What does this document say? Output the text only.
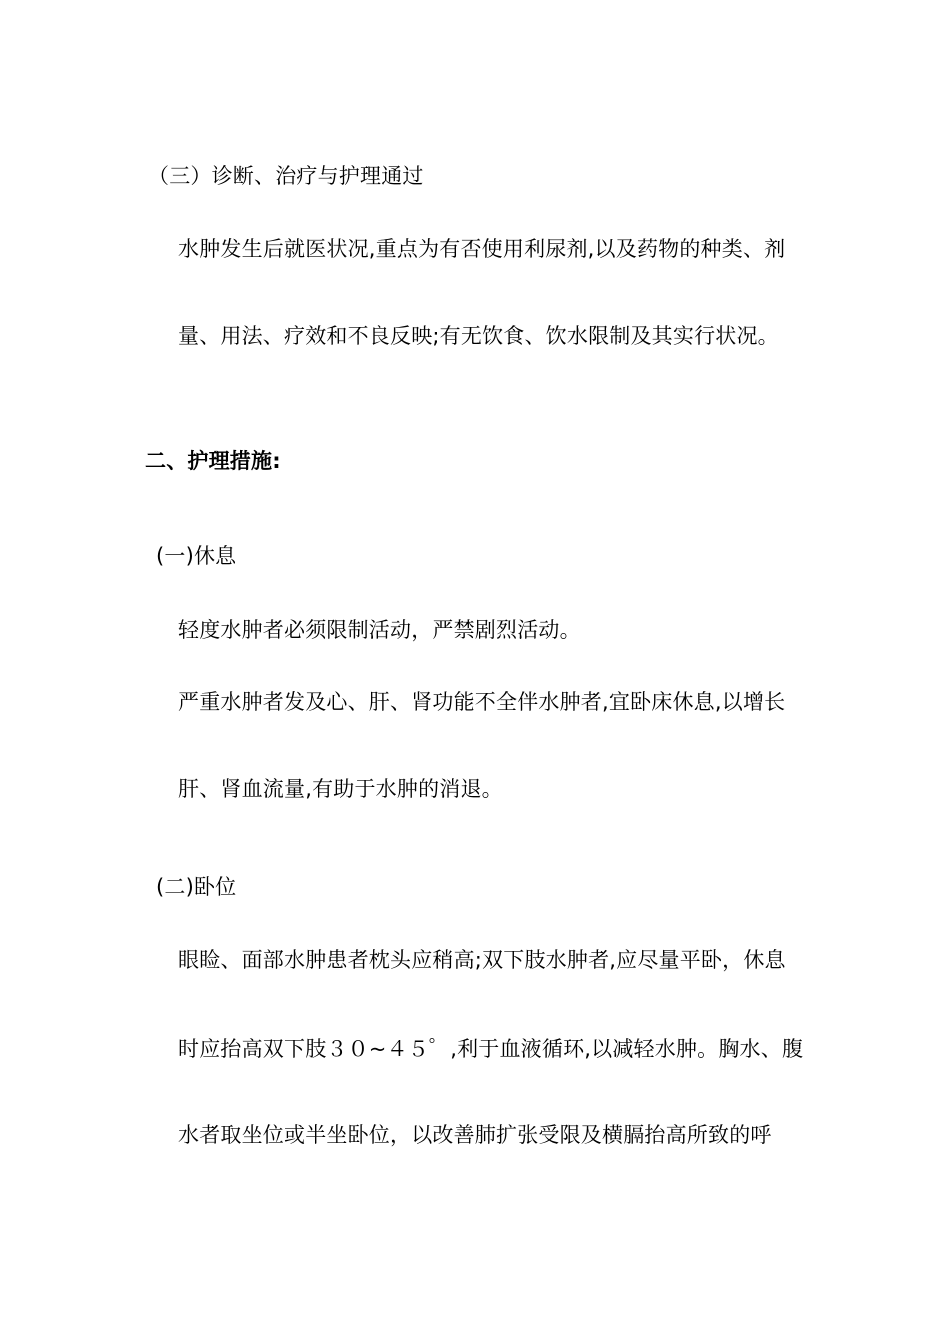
（三）诊断、治疗与护理通过
水肿发生后就医状况,重点为有否使用利尿剂,以及药物的种类、剂
量、用法、疗效和不良反映;有无饮食、饮水限制及其实行状况。
二、护理措施:
(一)休息
轻度水肿者必须限制活动，严禁剧烈活动。
严重水肿者发及心、肝、肾功能不全伴水肿者,宜卧床休息,以增长
肝、肾血流量,有助于水肿的消退。
(二)卧位
眼睑、面部水肿患者枕头应稍高;双下肢水肿者,应尽量平卧，休息
时应抬高双下肢３０~４５゜,利于血液循环,以减轻水肿。胸水、腹
水者取坐位或半坐卧位，以改善肺扩张受限及横膈抬高所致的呼
